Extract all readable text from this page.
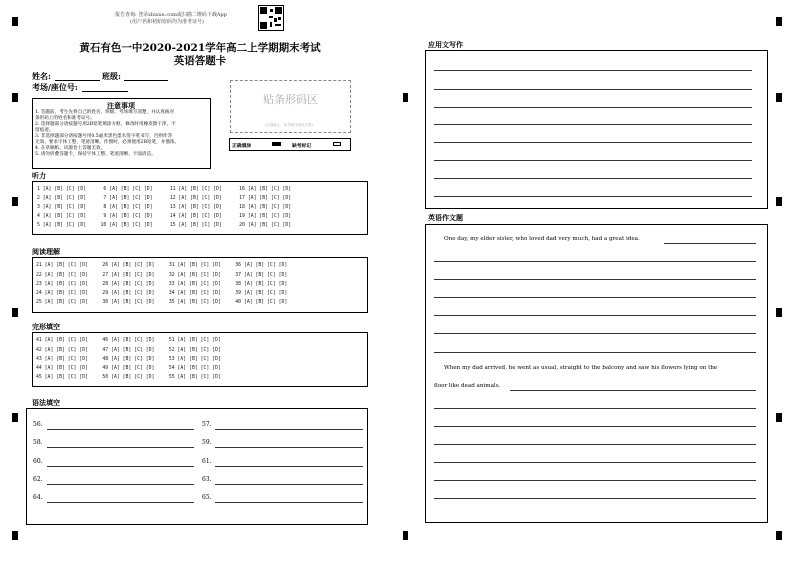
报告查询: 登录zhixue.com或扫描二维码下载App
(用户名和初始密码均为准考证号)
黄石有色一中2020-2021学年高二上学期期末考试
英语答题卡
姓名:	班级:
考场/座位号:
注意事项
1. 答题前，考生先将自己的姓名、班级、考场填写清楚，并认真核对
条形码上的姓名和准考证号。
2. 选择题部分请按题号用2B铅笔填涂方框，修改时用橡皮擦干净，不
留痕迹。
3. 非选择题部分请按题号用0.5毫米黑色墨水签字笔书写，否则作答
无效。要求字体工整、笔迹清晰。作图时，必须使用2B铅笔，并描浓。
4. 在草稿纸、试题卷上答题无效。
5. 请勿折叠答题卡，保持字体工整、笔迹清晰、卡面清洁。
贴条形码区
(正面朝上，切勿贴出虚线方框)
正确填涂	缺考标记
听力
1 [A] [B] [C] [D]      6 [A] [B] [C] [D]      11 [A] [B] [C] [D]      16 [A] [B] [C] [D]
2 [A] [B] [C] [D]      7 [A] [B] [C] [D]      12 [A] [B] [C] [D]      17 [A] [B] [C] [D]
3 [A] [B] [C] [D]      8 [A] [B] [C] [D]      13 [A] [B] [C] [D]      18 [A] [B] [C] [D]
4 [A] [B] [C] [D]      9 [A] [B] [C] [D]      14 [A] [B] [C] [D]      19 [A] [B] [C] [D]
5 [A] [B] [C] [D]     10 [A] [B] [C] [D]      15 [A] [B] [C] [D]      20 [A] [B] [C] [D]
阅读理解
21 [A] [B] [C] [D]     26 [A] [B] [C] [D]     31 [A] [B] [C] [D]     36 [A] [B] [C] [D]
22 [A] [B] [C] [D]     27 [A] [B] [C] [D]     32 [A] [B] [C] [D]     37 [A] [B] [C] [D]
23 [A] [B] [C] [D]     28 [A] [B] [C] [D]     33 [A] [B] [C] [D]     38 [A] [B] [C] [D]
24 [A] [B] [C] [D]     29 [A] [B] [C] [D]     34 [A] [B] [C] [D]     39 [A] [B] [C] [D]
25 [A] [B] [C] [D]     30 [A] [B] [C] [D]     35 [A] [B] [C] [D]     40 [A] [B] [C] [D]
完形填空
41 [A] [B] [C] [D]     46 [A] [B] [C] [D]     51 [A] [B] [C] [D]
42 [A] [B] [C] [D]     47 [A] [B] [C] [D]     52 [A] [B] [C] [D]
43 [A] [B] [C] [D]     48 [A] [B] [C] [D]     53 [A] [B] [C] [D]
44 [A] [B] [C] [D]     49 [A] [B] [C] [D]     54 [A] [B] [C] [D]
45 [A] [B] [C] [D]     50 [A] [B] [C] [D]     55 [A] [B] [C] [D]
语法填空
56.	57.
58.	59.
60.	61.
62.	63.
64.	65.
应用文写作
英语作文题
One day, my elder sister, who loved dad very much, had a great idea.
When my dad arrived, he went as usual, straight to the balcony and saw his flowers lying on the
floor like dead animals.
